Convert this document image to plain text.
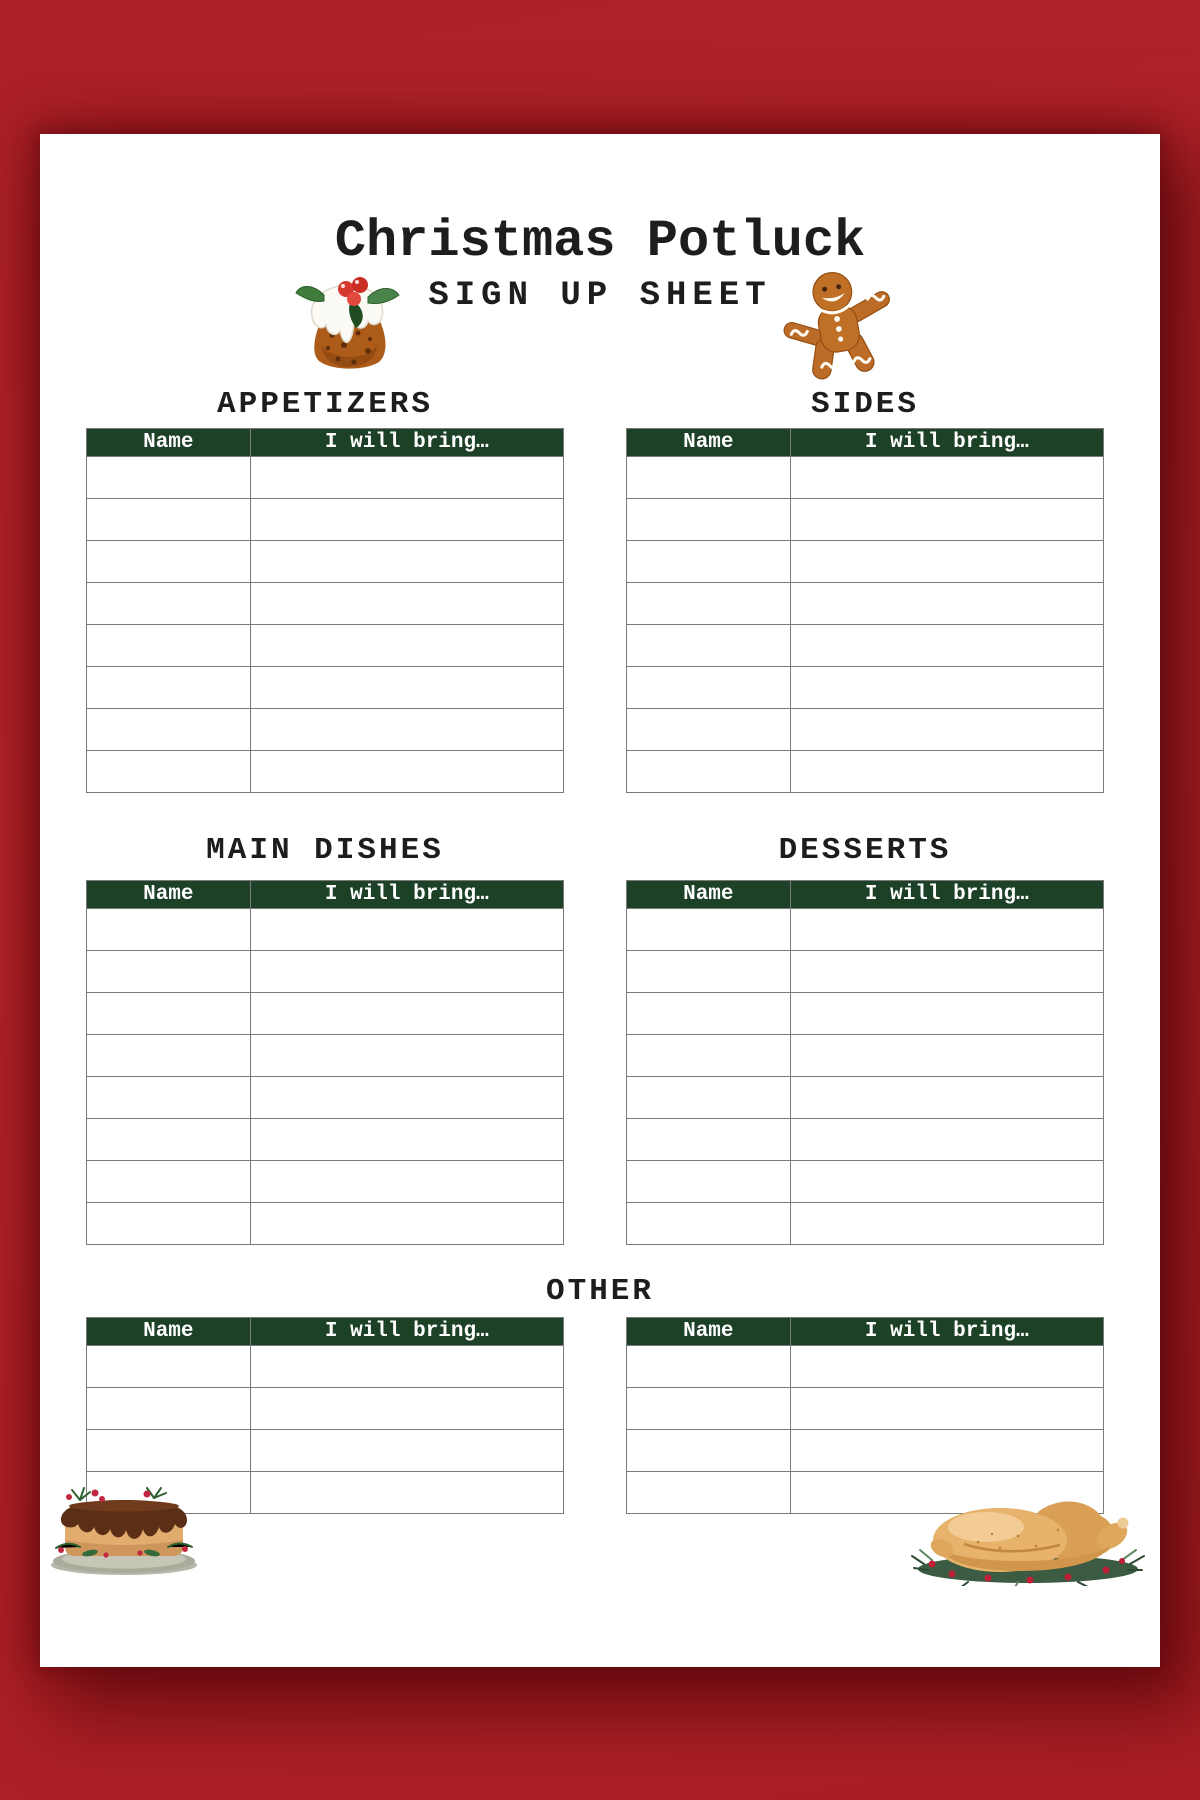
Christmas Potluck
SIGN UP SHEET
APPETIZERS	SIDES
MAIN DISHES	DESSERTS
OTHER
Name	I will bring…

		Name	I will bring…

Name	I will bring…

		Name	I will bring…

Name	I will bring…

		Name	I will bring…
